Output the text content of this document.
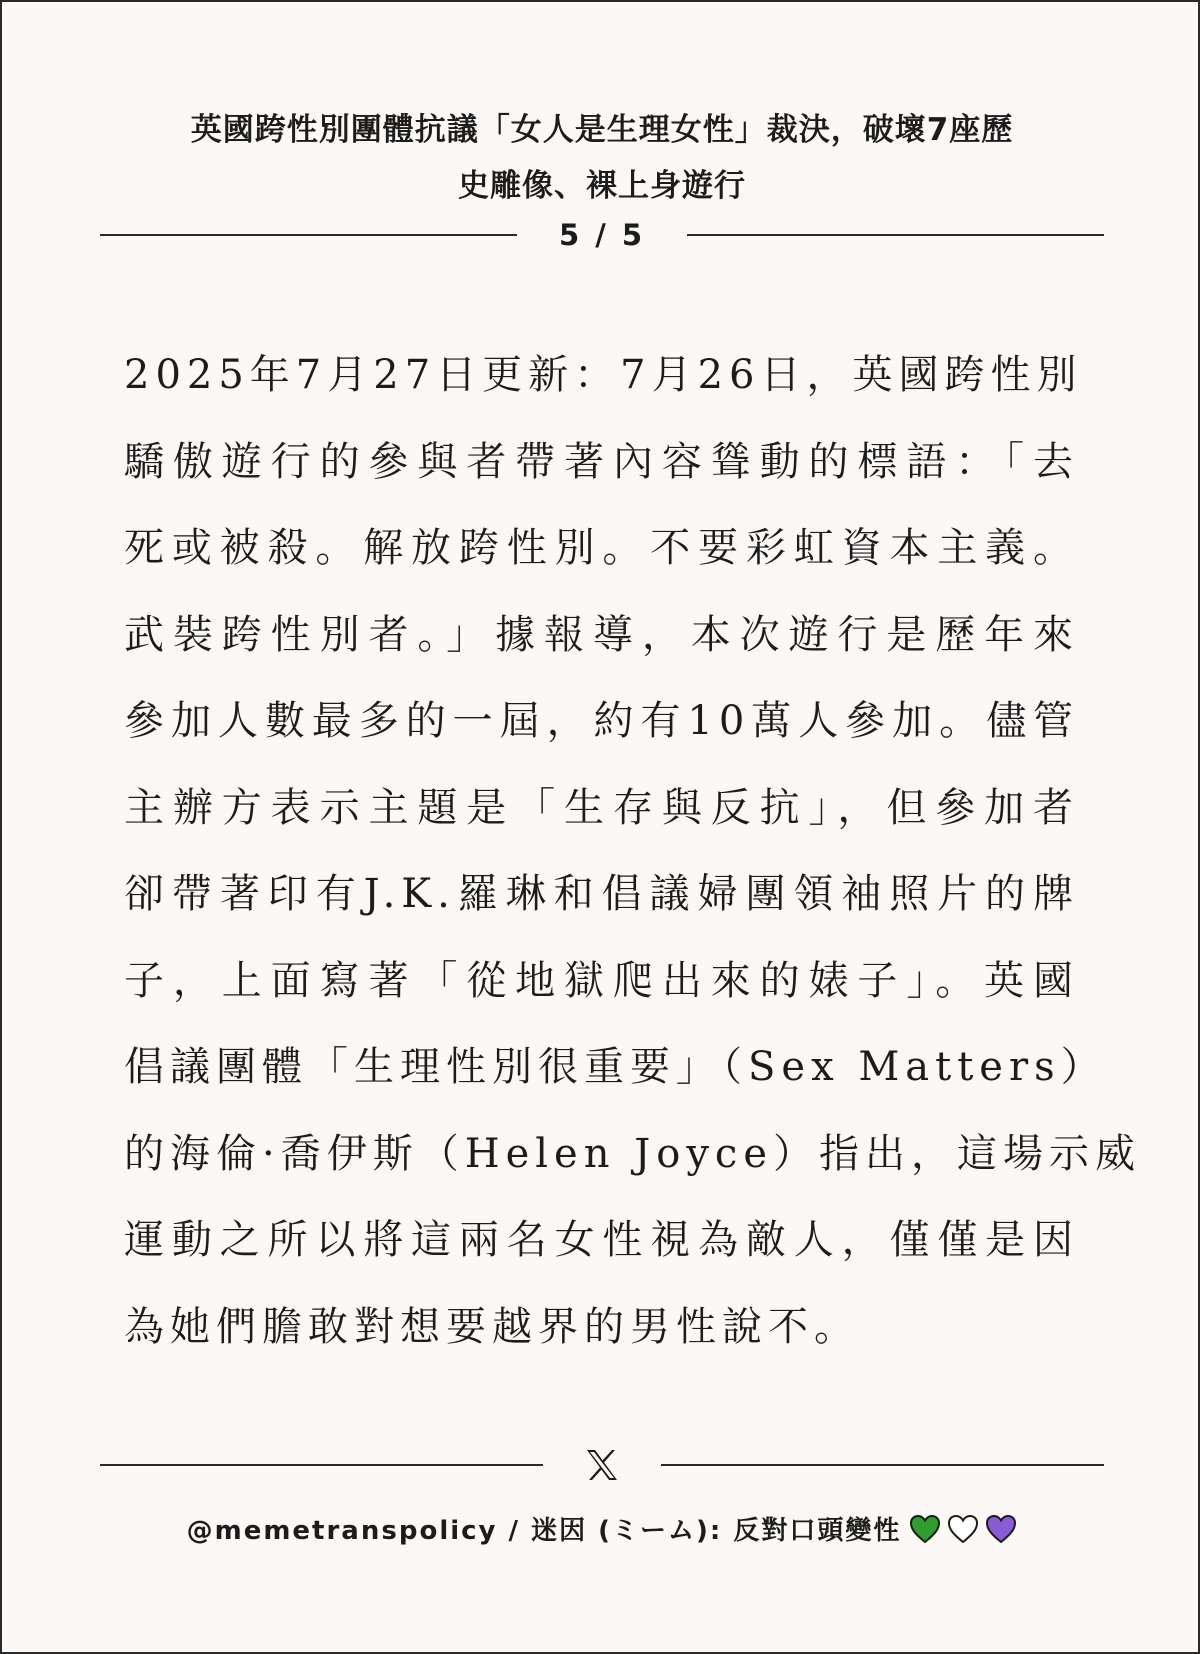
英國跨性別團體抗議「女人是生理女性」裁決，破壞7座歷
史雕像、裸上身遊行
5 / 5
2025年7月27日更新：7月26日，英國跨性別
驕傲遊行的參與者帶著內容聳動的標語：「去
死或被殺。解放跨性別。不要彩虹資本主義。
武裝跨性別者。」據報導，本次遊行是歷年來
參加人數最多的一屆，約有10萬人參加。儘管
主辦方表示主題是「生存與反抗」，但參加者
卻帶著印有J.K.羅琳和倡議婦團領袖照片的牌
子，上面寫著「從地獄爬出來的婊子」。英國
倡議團體「生理性別很重要」（Sex Matters）
的海倫·喬伊斯（Helen Joyce）指出，這場示威
運動之所以將這兩名女性視為敵人，僅僅是因
為她們膽敢對想要越界的男性說不。
@memetranspolicy / 迷因 (ミーム): 反對口頭變性
